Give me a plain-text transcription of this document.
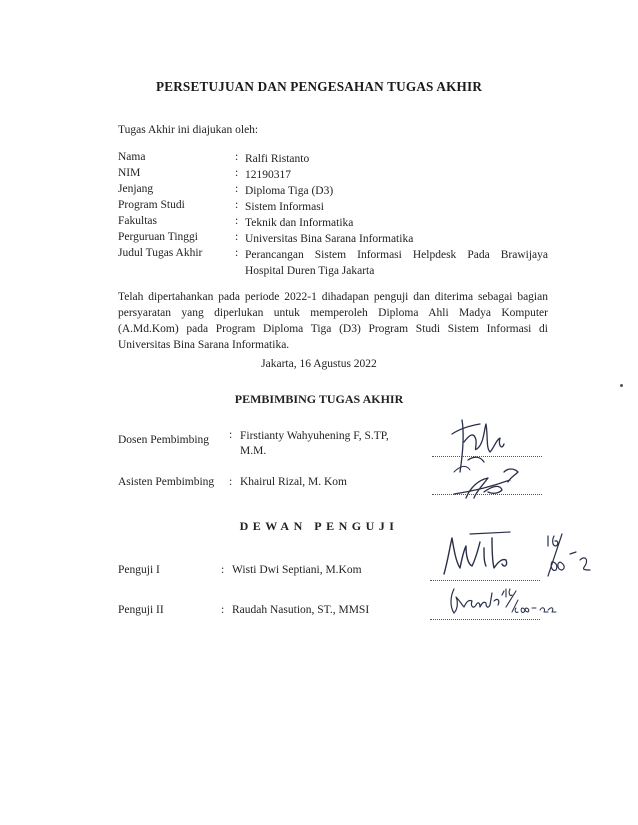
PERSETUJUAN DAN PENGESAHAN TUGAS AKHIR
Tugas Akhir ini diajukan oleh:
Nama	: Ralfi Ristanto
NIM	: 12190317
Jenjang	: Diploma Tiga (D3)
Program Studi	: Sistem Informasi
Fakultas	: Teknik dan Informatika
Perguruan Tinggi	: Universitas Bina Sarana Informatika
Judul Tugas Akhir	: Perancangan Sistem Informasi Helpdesk Pada Brawijaya Hospital Duren Tiga Jakarta
Telah dipertahankan pada periode 2022-1 dihadapan penguji dan diterima sebagai bagian persyaratan yang diperlukan untuk memperoleh Diploma Ahli Madya Komputer (A.Md.Kom) pada Program Diploma Tiga (D3) Program Studi Sistem Informasi di Universitas Bina Sarana Informatika.
Jakarta, 16 Agustus 2022
PEMBIMBING TUGAS AKHIR
Dosen Pembimbing : Firstianty Wahyuhening F, S.TP,
M.M.
Asisten Pembimbing : Khairul Rizal, M. Kom
DEWAN PENGUJI
Penguji I	: Wisti Dwi Septiani, M.Kom
Penguji II	: Raudah Nasution, ST., MMSI
